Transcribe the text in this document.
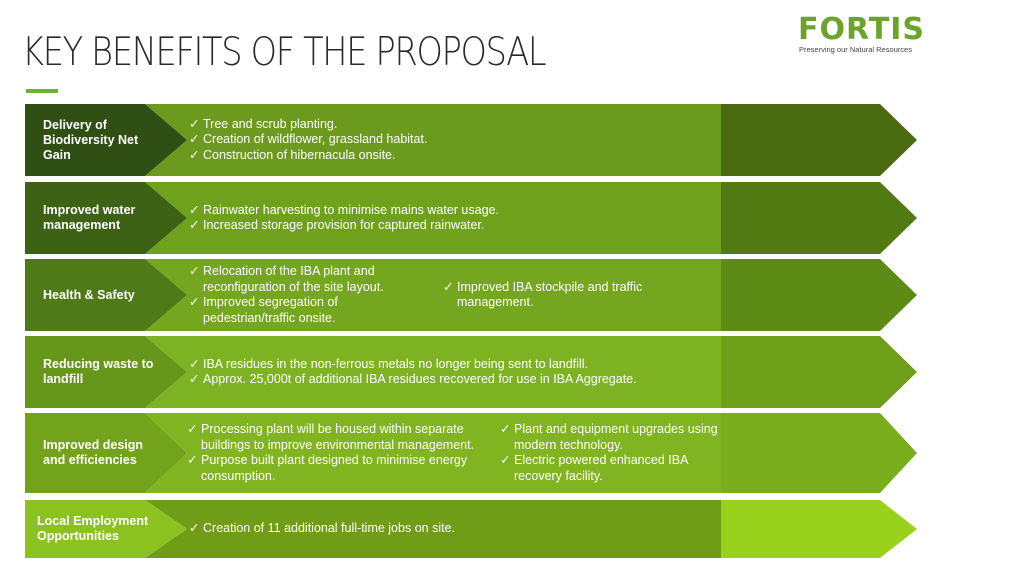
KEY BENEFITS OF THE PROPOSAL
FORTIS
Preserving our Natural Resources
Delivery of Biodiversity Net Gain
✓ Tree and scrub planting.
✓ Creation of wildflower, grassland habitat.
✓ Construction of hibernacula onsite.
Improved water management
✓ Rainwater harvesting to minimise mains water usage.
✓ Increased storage provision for captured rainwater.
Health & Safety
✓ Relocation of the IBA plant and reconfiguration of the site layout.
✓ Improved segregation of pedestrian/traffic onsite.
✓ Improved IBA stockpile and traffic management.
Reducing waste to landfill
✓ IBA residues in the non-ferrous metals no longer being sent to landfill.
✓ Approx. 25,000t of additional IBA residues recovered for use in IBA Aggregate.
Improved design and efficiencies
✓ Processing plant will be housed within separate buildings to improve environmental management.
✓ Purpose built plant designed to minimise energy consumption.
✓ Plant and equipment upgrades using modern technology.
✓ Electric powered enhanced IBA recovery facility.
Local Employment Opportunities
✓ Creation of 11 additional full-time jobs on site.
